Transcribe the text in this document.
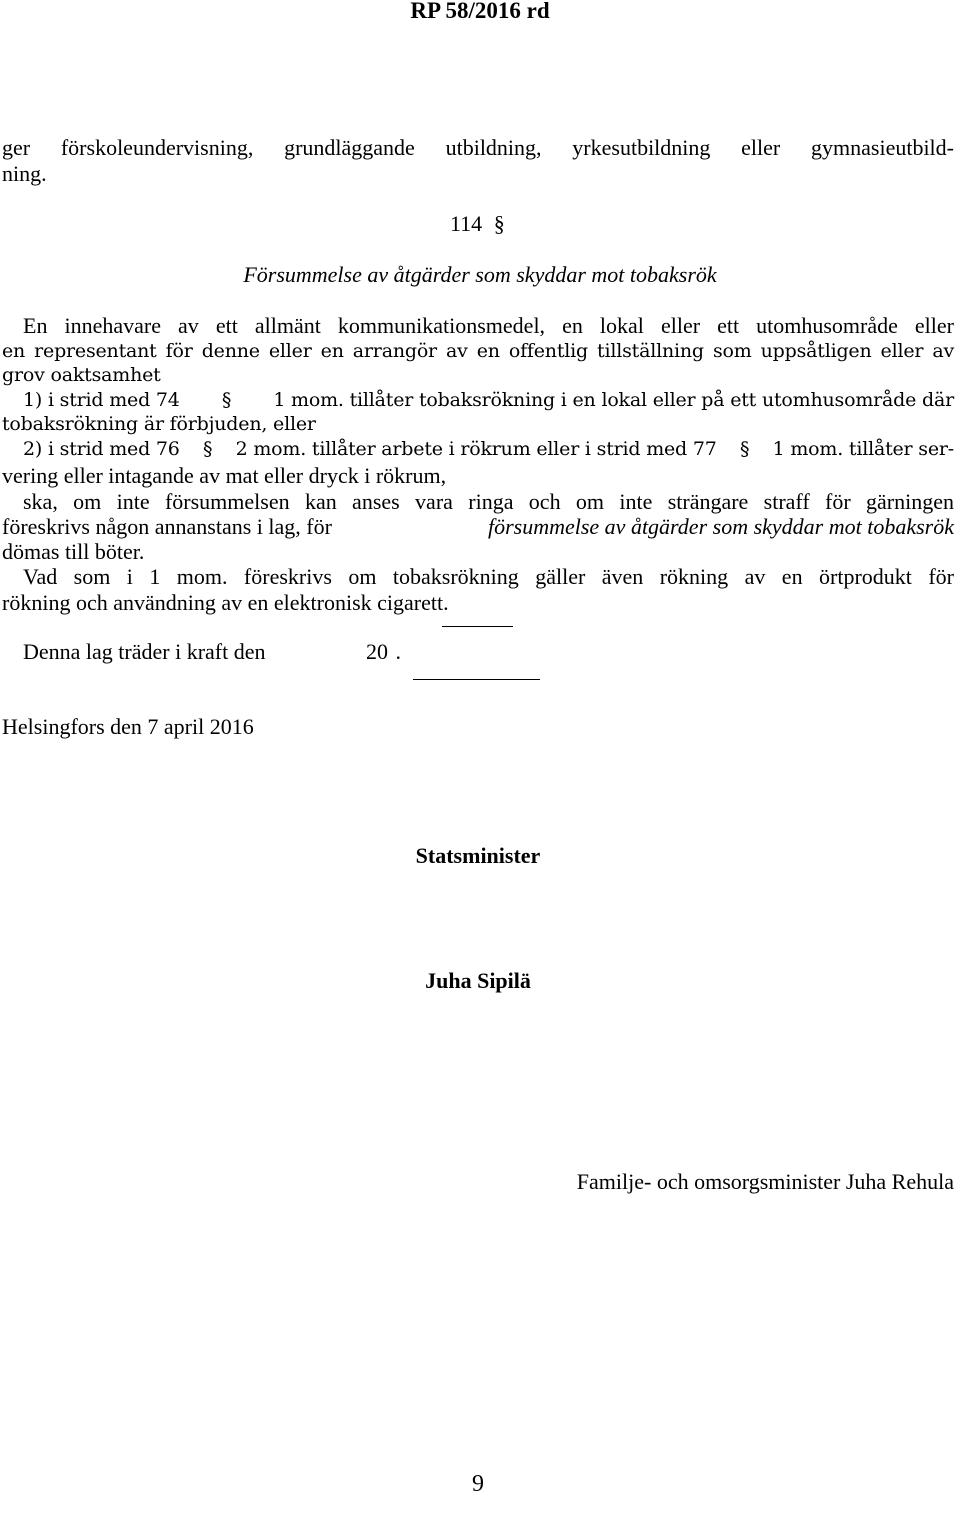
RP 58/2016 rd
ger förskoleundervisning, grundläggande utbildning, yrkesutbildning eller gymnasieutbild-
ning.
114 §
Försummelse av åtgärder som skyddar mot tobaksrök
En innehavare av ett allmänt kommunikationsmedel, en lokal eller ett utomhusområde eller
en representant för denne eller en arrangör av en offentlig tillställning som uppsåtligen eller av
grov oaktsamhet
1) i strid med 74 § 1 mom. tillåter tobaksrökning i en lokal eller på ett utomhusområde där
tobaksrökning är förbjuden, eller
2) i strid med 76 § 2 mom. tillåter arbete i rökrum eller i strid med 77 § 1 mom. tillåter ser-
vering eller intagande av mat eller dryck i rökrum,
ska, om inte försummelsen kan anses vara ringa och om inte strängare straff för gärningen
föreskrivs någon annanstans i lag, för	försummelse av åtgärder som skyddar mot tobaksrök
dömas till böter.
Vad som i 1 mom. föreskrivs om tobaksrökning gäller även rökning av en örtprodukt för
rökning och användning av en elektronisk cigarett.
Denna lag träder i kraft den	20 .
Helsingfors den 7 april 2016
Statsminister
Juha Sipilä
Familje- och omsorgsminister Juha Rehula
9
